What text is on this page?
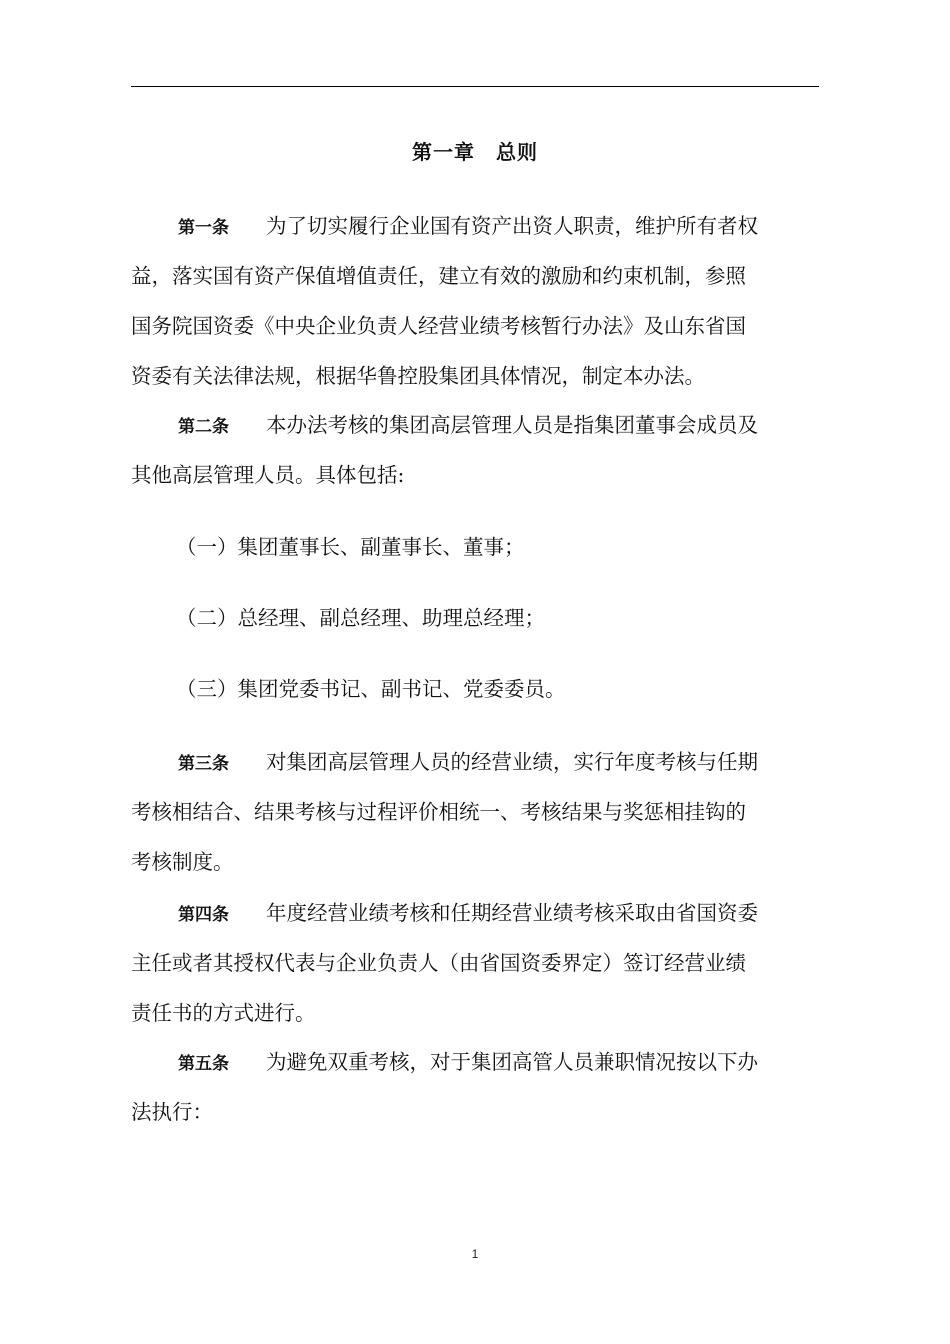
第一章　总则
第一条 为了切实履行企业国有资产出资人职责，维护所有者权
益，落实国有资产保值增值责任，建立有效的激励和约束机制，参照
国务院国资委《中央企业负责人经营业绩考核暂行办法》及山东省国
资委有关法律法规，根据华鲁控股集团具体情况，制定本办法。
第二条 本办法考核的集团高层管理人员是指集团董事会成员及
其他高层管理人员。具体包括:
（一）集团董事长、副董事长、董事；
（二）总经理、副总经理、助理总经理；
（三）集团党委书记、副书记、党委委员。
第三条 对集团高层管理人员的经营业绩，实行年度考核与任期
考核相结合、结果考核与过程评价相统一、考核结果与奖惩相挂钩的
考核制度。
第四条 年度经营业绩考核和任期经营业绩考核采取由省国资委
主任或者其授权代表与企业负责人（由省国资委界定）签订经营业绩
责任书的方式进行。
第五条 为避免双重考核，对于集团高管人员兼职情况按以下办
法执行：
1
